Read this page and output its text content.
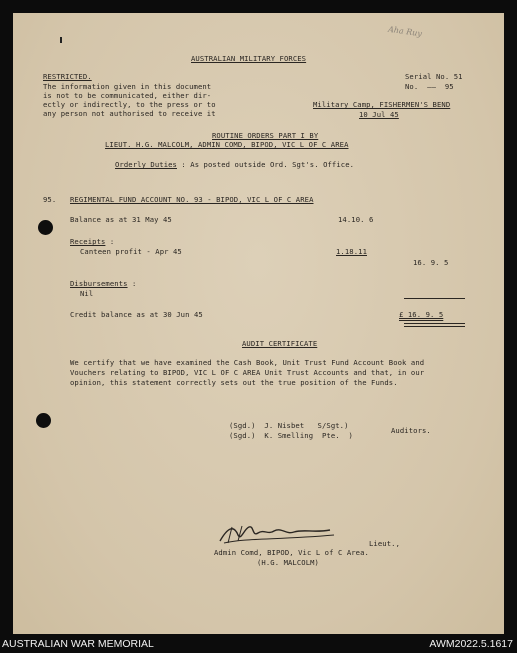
Aha Ruy
AUSTRALIAN MILITARY FORCES
RESTRICTED.
The information given in this document
is not to be communicated, either dir-
ectly or indirectly, to the press or to
any person not authorised to receive it
Serial No. 51
No.  ——  95
Military Camp, FISHERMEN'S BEND
10 Jul 45
ROUTINE ORDERS PART I BY
LIEUT. H.G. MALCOLM, ADMIN COMD, BIPOD, VIC L OF C AREA
Orderly Duties : As posted outside Ord. Sgt's. Office.
95. REGIMENTAL FUND ACCOUNT NO. 93 - BIPOD, VIC L OF C AREA
Balance as at 31 May 45	14.10. 6
Receipts :
Canteen profit - Apr 45	1.18.11
16. 9. 5
Disbursements :
Nil
Credit balance as at 30 Jun 45	£ 16. 9. 5
AUDIT CERTIFICATE
We certify that we have examined the Cash Book, Unit Trust Fund Account Book and
Vouchers relating to BIPOD, VIC L OF C AREA Unit Trust Accounts and that, in our
opinion, this statement correctly sets out the true position of the Funds.
(Sgd.)  J. Nisbet   S/Sgt.)
(Sgd.)  K. Smelling  Pte.  )
Auditors.
Lieut.,
Admin Comd, BIPOD, Vic L of C Area.
(H.G. MALCOLM)
AUSTRALIAN WAR MEMORIAL	AWM2022.5.1617
